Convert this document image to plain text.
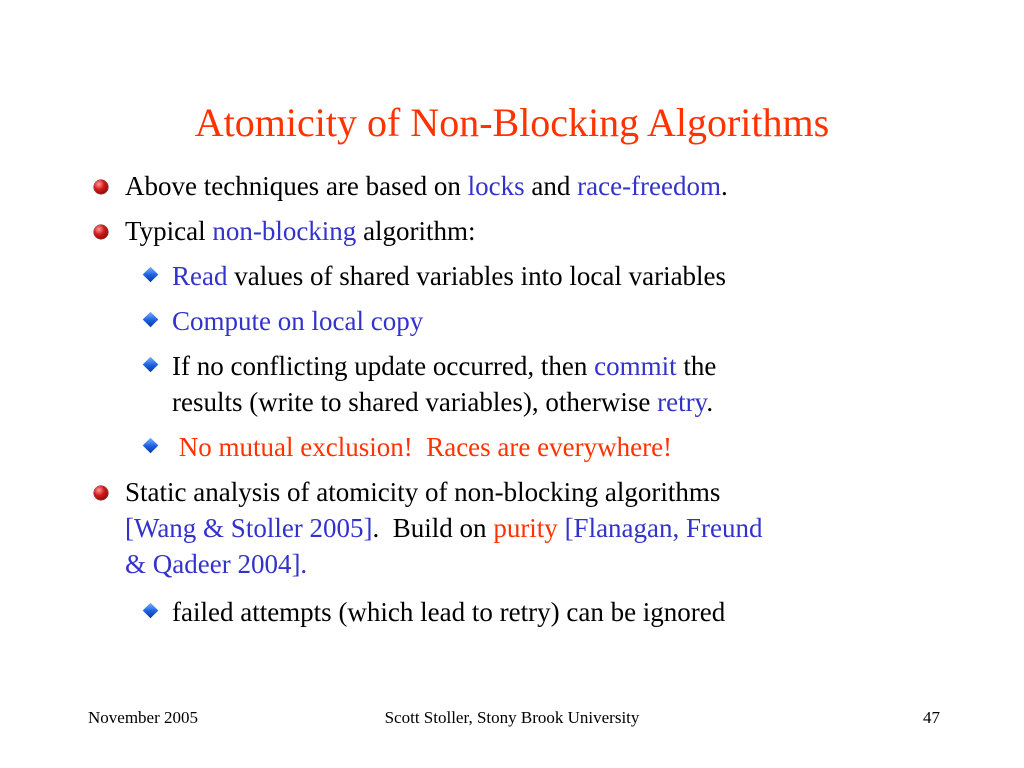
Atomicity of Non-Blocking Algorithms
Above techniques are based on locks and race-freedom.
Typical non-blocking algorithm:
Read values of shared variables into local variables
Compute on local copy
If no conflicting update occurred, then commit the
results (write to shared variables), otherwise retry.
No mutual exclusion!  Races are everywhere!
Static analysis of atomicity of non-blocking algorithms
[Wang & Stoller 2005].  Build on purity [Flanagan, Freund
& Qadeer 2004].
failed attempts (which lead to retry) can be ignored
November 2005	Scott Stoller, Stony Brook University	47
